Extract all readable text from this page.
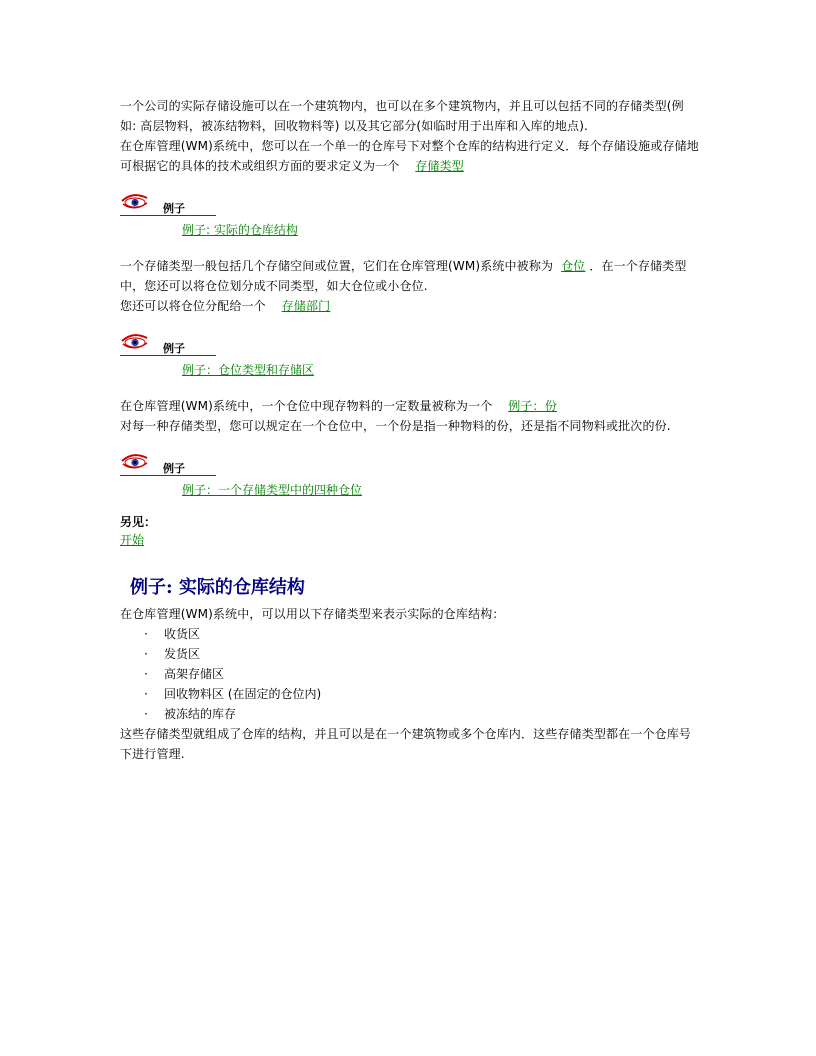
一个公司的实际存储设施可以在一个建筑物内，也可以在多个建筑物内，并且可以包括不同的存储类型(例如: 高层物料，被冻结物料，回收物料等) 以及其它部分(如临时用于出库和入库的地点).

在仓库管理(WM)系统中，您可以在一个单一的仓库号下对整个仓库的结构进行定义．每个存储设施或存储地可根据它的具体的技术或组织方面的要求定义为一个 存储类型

例子
例子: 实际的仓库结构

一个存储类型一般包括几个存储空间或位置，它们在仓库管理(WM)系统中被称为 仓位 ．在一个存储类型中，您还可以将仓位划分成不同类型，如大仓位或小仓位.

您还可以将仓位分配给一个 存储部门

例子
例子：仓位类型和存储区

在仓库管理(WM)系统中，一个仓位中现存物料的一定数量被称为一个 例子：份

对每一种存储类型，您可以规定在一个仓位中，一个份是指一种物料的份，还是指不同物料或批次的份.

例子
例子：一个存储类型中的四种仓位
另见：
开始
例子: 实际的仓库结构

在仓库管理(WM)系统中，可以用以下存储类型来表示实际的仓库结构：

· 收货区
· 发货区
· 高架存储区
· 回收物料区 (在固定的仓位内)
· 被冻结的库存

这些存储类型就组成了仓库的结构，并且可以是在一个建筑物或多个仓库内．这些存储类型都在一个仓库号下进行管理.
